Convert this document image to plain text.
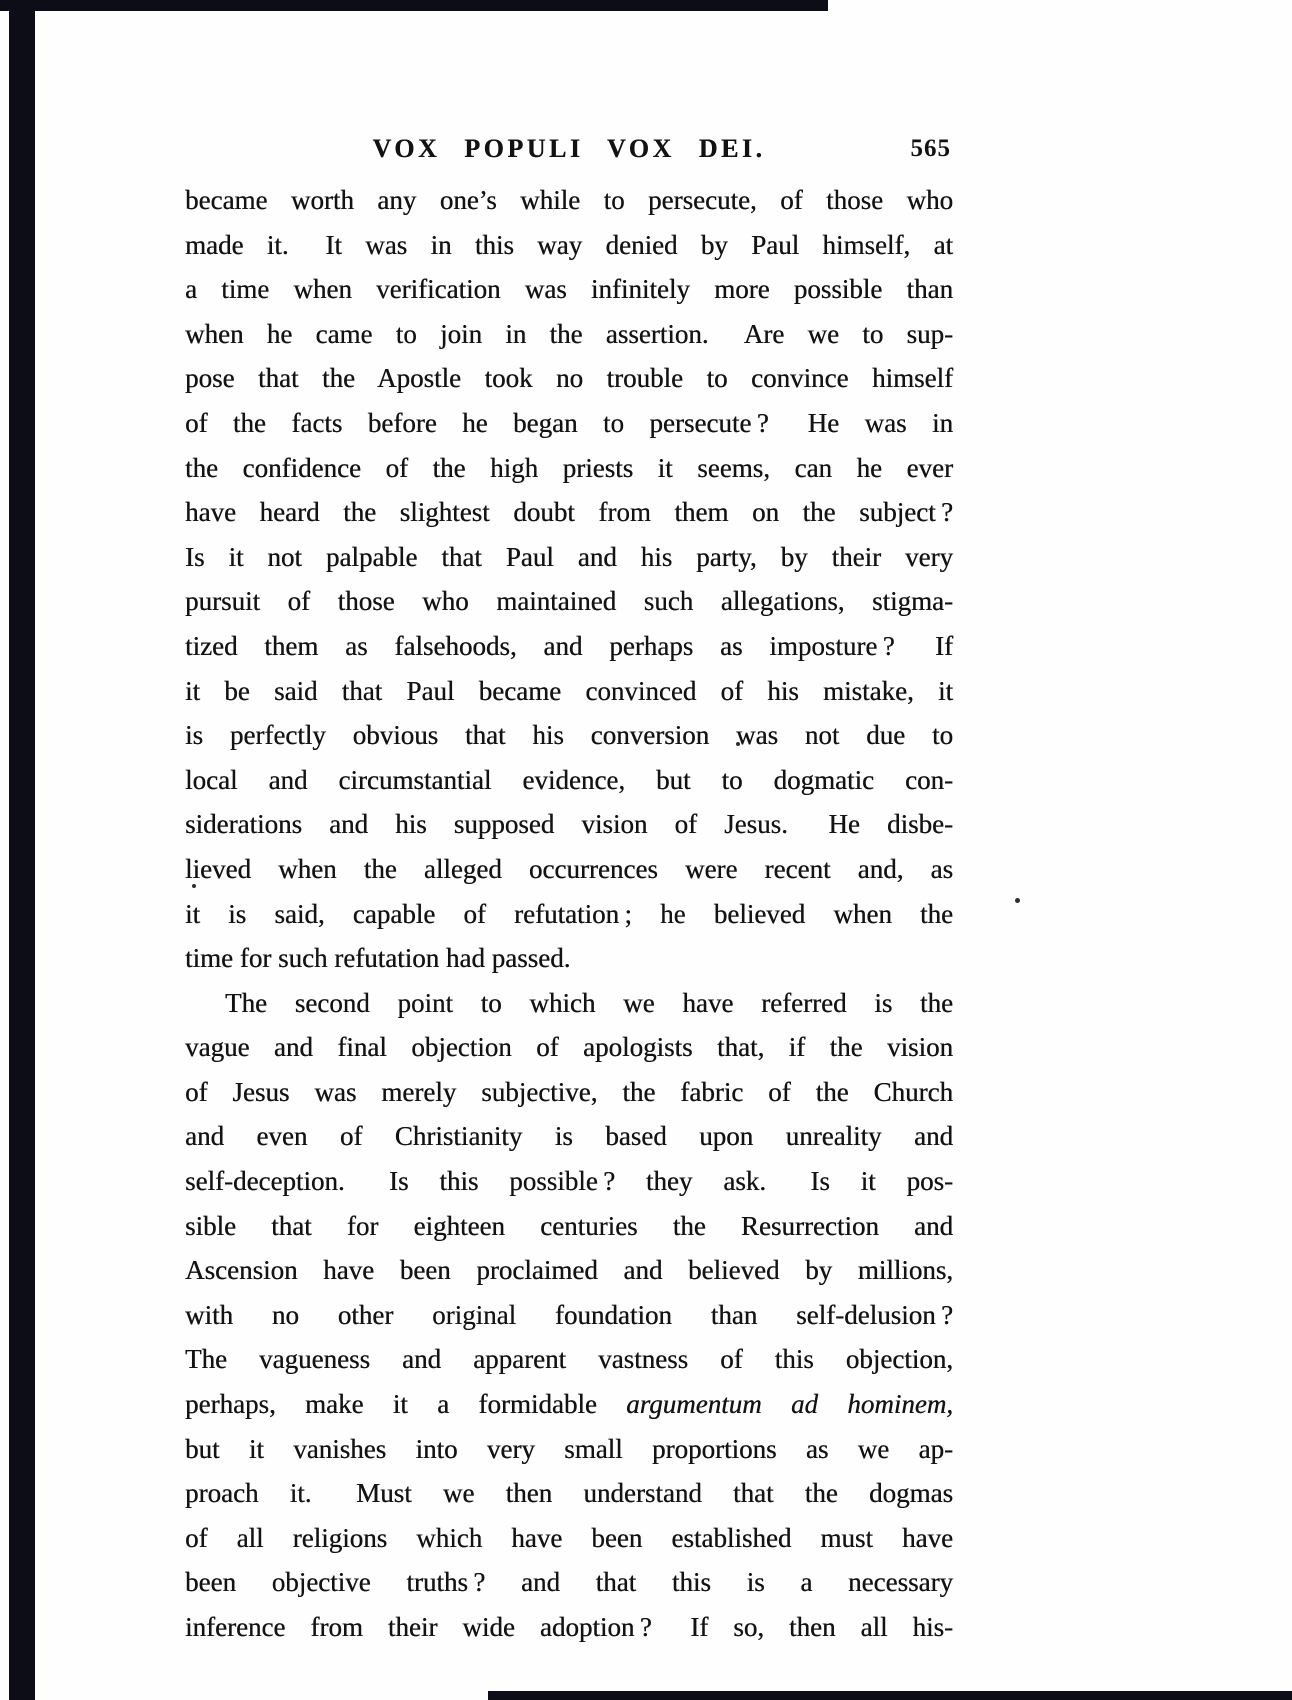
VOX POPULI VOX DEI.	565
became worth any one’s while to persecute, of those who
made it.  It was in this way denied by Paul himself, at
a time when verification was infinitely more possible than
when he came to join in the assertion.  Are we to sup-
pose that the Apostle took no trouble to convince himself
of the facts before he began to persecute ?  He was in
the confidence of the high priests it seems, can he ever
have heard the slightest doubt from them on the subject ?
Is it not palpable that Paul and his party, by their very
pursuit of those who maintained such allegations, stigma-
tized them as falsehoods, and perhaps as imposture ?  If
it be said that Paul became convinced of his mistake, it
is perfectly obvious that his conversion was not due to
local and circumstantial evidence, but to dogmatic con-
siderations and his supposed vision of Jesus.  He disbe-
lieved when the alleged occurrences were recent and, as
it is said, capable of refutation ; he believed when the
time for such refutation had passed.
The second point to which we have referred is the
vague and final objection of apologists that, if the vision
of Jesus was merely subjective, the fabric of the Church
and even of Christianity is based upon unreality and
self-deception.  Is this possible ? they ask.  Is it pos-
sible that for eighteen centuries the Resurrection and
Ascension have been proclaimed and believed by millions,
with no other original foundation than self-delusion ?
The vagueness and apparent vastness of this objection,
perhaps, make it a formidable argumentum ad hominem,
but it vanishes into very small proportions as we ap-
proach it.  Must we then understand that the dogmas
of all religions which have been established must have
been objective truths ? and that this is a necessary
inference from their wide adoption ?  If so, then all his-
